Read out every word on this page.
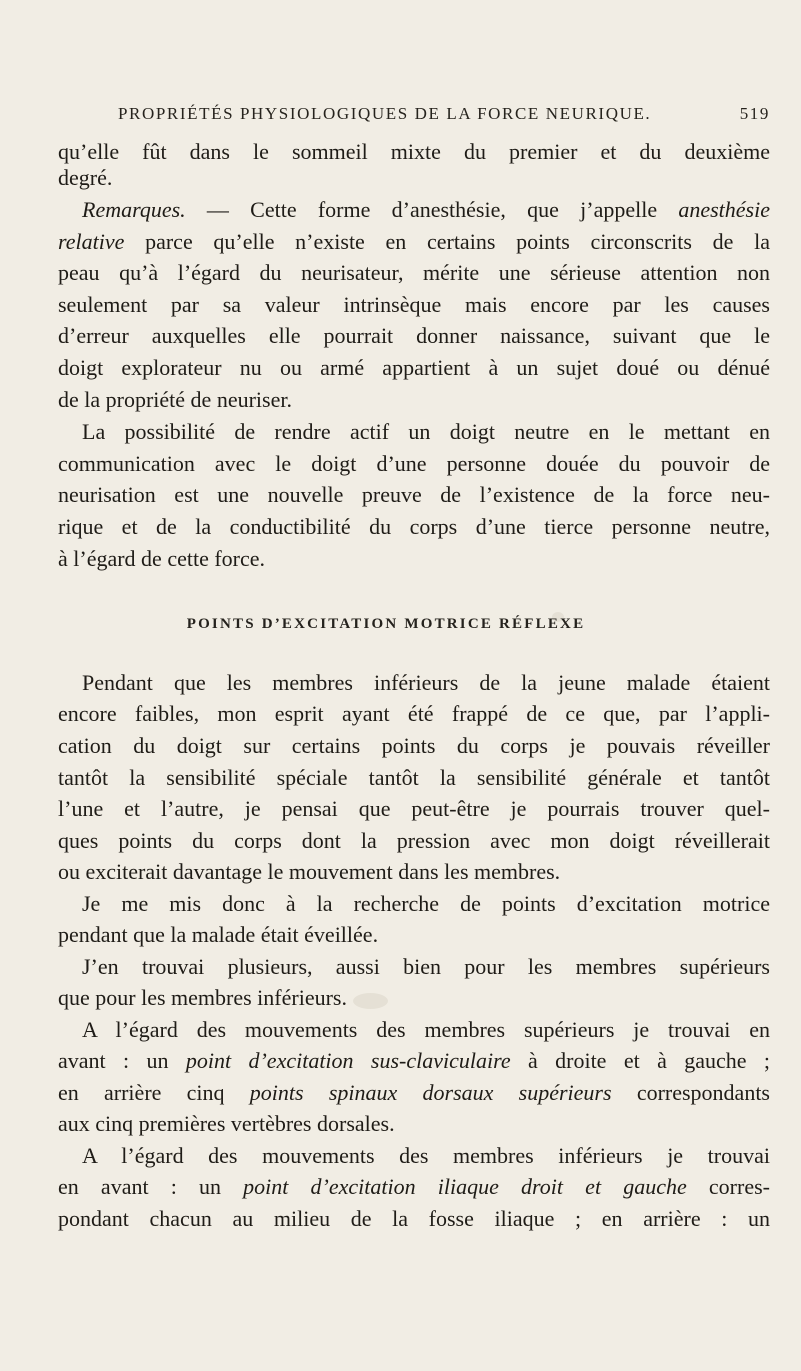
PROPRIÉTÉS PHYSIOLOGIQUES DE LA FORCE NEURIQUE.	519
qu’elle fût dans le sommeil mixte du premier et du deuxième
degré.
Remarques. — Cette forme d’anesthésie, que j’appelle anesthésie
relative parce qu’elle n’existe en certains points circonscrits de la
peau qu’à l’égard du neurisateur, mérite une sérieuse attention non
seulement par sa valeur intrinsèque mais encore par les causes
d’erreur auxquelles elle pourrait donner naissance, suivant que le
doigt explorateur nu ou armé appartient à un sujet doué ou dénué
de la propriété de neuriser.
La possibilité de rendre actif un doigt neutre en le mettant en
communication avec le doigt d’une personne douée du pouvoir de
neurisation est une nouvelle preuve de l’existence de la force neu-
rique et de la conductibilité du corps d’une tierce personne neutre,
à l’égard de cette force.
POINTS D’EXCITATION MOTRICE RÉFLEXE
Pendant que les membres inférieurs de la jeune malade étaient
encore faibles, mon esprit ayant été frappé de ce que, par l’appli-
cation du doigt sur certains points du corps je pouvais réveiller
tantôt la sensibilité spéciale tantôt la sensibilité générale et tantôt
l’une et l’autre, je pensai que peut-être je pourrais trouver quel-
ques points du corps dont la pression avec mon doigt réveillerait
ou exciterait davantage le mouvement dans les membres.
Je me mis donc à la recherche de points d’excitation motrice
pendant que la malade était éveillée.
J’en trouvai plusieurs, aussi bien pour les membres supérieurs
que pour les membres inférieurs.
A l’égard des mouvements des membres supérieurs je trouvai en
avant : un point d’excitation sus-claviculaire à droite et à gauche ;
en arrière cinq points spinaux dorsaux supérieurs correspondants
aux cinq premières vertèbres dorsales.
A l’égard des mouvements des membres inférieurs je trouvai
en avant : un point d’excitation iliaque droit et gauche corres-
pondant chacun au milieu de la fosse iliaque ; en arrière : un
